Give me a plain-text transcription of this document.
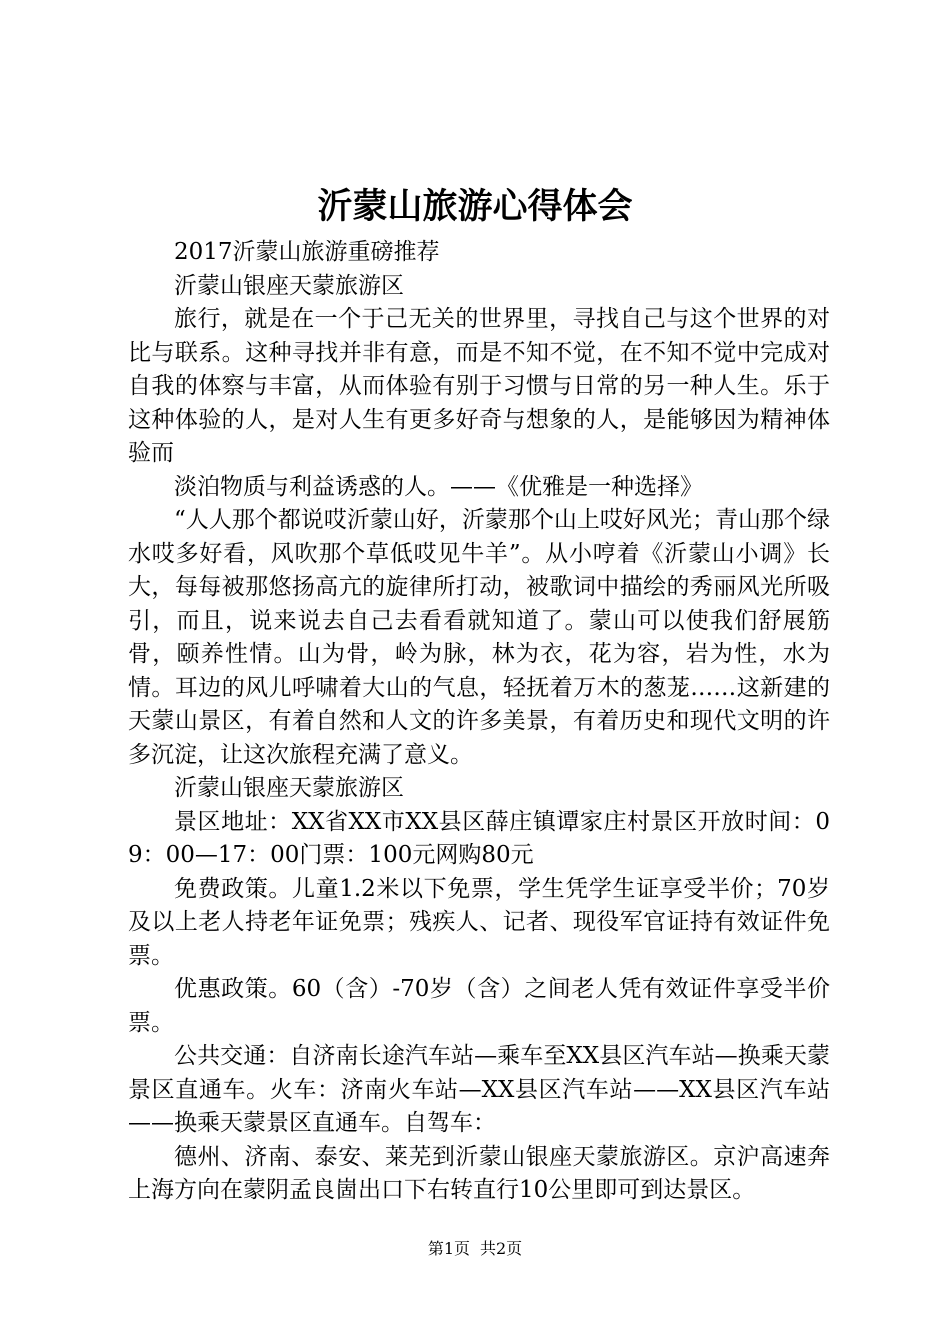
沂蒙山旅游心得体会

2017沂蒙山旅游重磅推荐

沂蒙山银座天蒙旅游区

旅行，就是在一个于己无关的世界里，寻找自己与这个世界的对比与联系。这种寻找并非有意，而是不知不觉，在不知不觉中完成对自我的体察与丰富，从而体验有别于习惯与日常的另一种人生。乐于这种体验的人，是对人生有更多好奇与想象的人，是能够因为精神体验而

淡泊物质与利益诱惑的人。——《优雅是一种选择》

“人人那个都说哎沂蒙山好，沂蒙那个山上哎好风光；青山那个绿水哎多好看，风吹那个草低哎见牛羊”。从小哼着《沂蒙山小调》长大，每每被那悠扬高亢的旋律所打动，被歌词中描绘的秀丽风光所吸引，而且，说来说去自己去看看就知道了。蒙山可以使我们舒展筋骨，颐养性情。山为骨，岭为脉，林为衣，花为容，岩为性，水为情。耳边的风儿呼啸着大山的气息，轻抚着万木的葱茏……这新建的天蒙山景区，有着自然和人文的许多美景，有着历史和现代文明的许多沉淀，让这次旅程充满了意义。

沂蒙山银座天蒙旅游区

景区地址：XX省XX市XX县区薛庄镇谭家庄村景区开放时间：09：00—17：00门票：100元网购80元

免费政策。儿童1.2米以下免票，学生凭学生证享受半价；70岁及以上老人持老年证免票；残疾人、记者、现役军官证持有效证件免票。

优惠政策。60（含）-70岁（含）之间老人凭有效证件享受半价票。

公共交通：自济南长途汽车站—乘车至XX县区汽车站—换乘天蒙景区直通车。火车：济南火车站—XX县区汽车站——XX县区汽车站——换乘天蒙景区直通车。自驾车：

德州、济南、泰安、莱芜到沂蒙山银座天蒙旅游区。京沪高速奔上海方向在蒙阴孟良崮出口下右转直行10公里即可到达景区。

第1页 共2页
